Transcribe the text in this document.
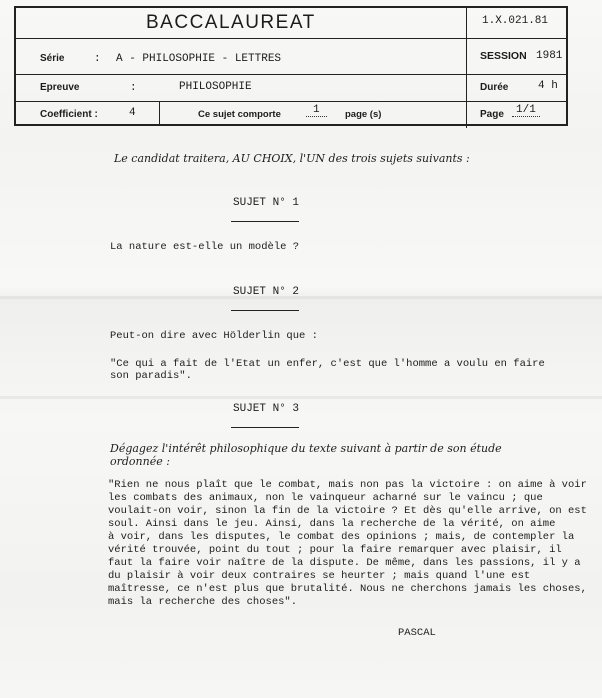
BACCALAUREAT	1.X.021.81
Série	: A - PHILOSOPHIE - LETTRES	SESSION 1981
Epreuve	:	PHILOSOPHIE	Durée	4 h
Coefficient :	4	Ce sujet comporte	1	page (s)	Page	1/1
Le candidat traitera, AU CHOIX, l'UN des trois sujets suivants :
SUJET N° 1
La nature est-elle un modèle ?
SUJET N° 2
Peut-on dire avec Hölderlin que :
"Ce qui a fait de l'Etat un enfer, c'est que l'homme a voulu en faire
son paradis".
SUJET N° 3
Dégagez l'intérêt philosophique du texte suivant à partir de son étude
ordonnée :
"Rien ne nous plaît que le combat, mais non pas la victoire : on aime à voir
les combats des animaux, non le vainqueur acharné sur le vaincu ; que
voulait-on voir, sinon la fin de la victoire ? Et dès qu'elle arrive, on est
soul. Ainsi dans le jeu. Ainsi, dans la recherche de la vérité, on aime
à voir, dans les disputes, le combat des opinions ; mais, de contempler la
vérité trouvée, point du tout ; pour la faire remarquer avec plaisir, il
faut la faire voir naître de la dispute. De même, dans les passions, il y a
du plaisir à voir deux contraires se heurter ; mais quand l'une est
maîtresse, ce n'est plus que brutalité. Nous ne cherchons jamais les choses,
mais la recherche des choses".
PASCAL
